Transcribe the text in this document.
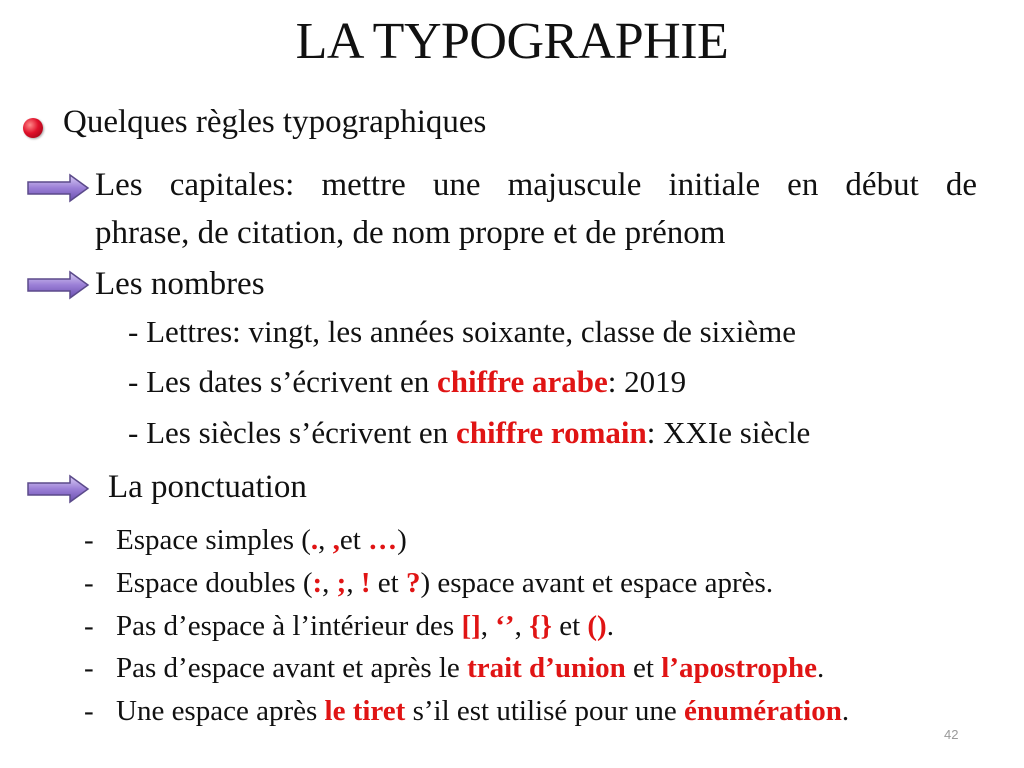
LA TYPOGRAPHIE
Quelques règles typographiques
Les capitales: mettre une majuscule initiale en début de
phrase, de citation, de nom propre et de prénom
Les nombres
- Lettres: vingt, les années soixante, classe de sixième
- Les dates s’écrivent en chiffre arabe: 2019
- Les siècles s’écrivent en chiffre romain: XXIe siècle
La ponctuation
- Espace simples (., ,et …)
- Espace doubles (:, ;, ! et ?) espace avant et espace après.
- Pas d’espace à l’intérieur des [], ‘’, {} et ().
- Pas d’espace avant et après le trait d’union et l’apostrophe.
- Une espace après le tiret s’il est utilisé pour une énumération.
42
